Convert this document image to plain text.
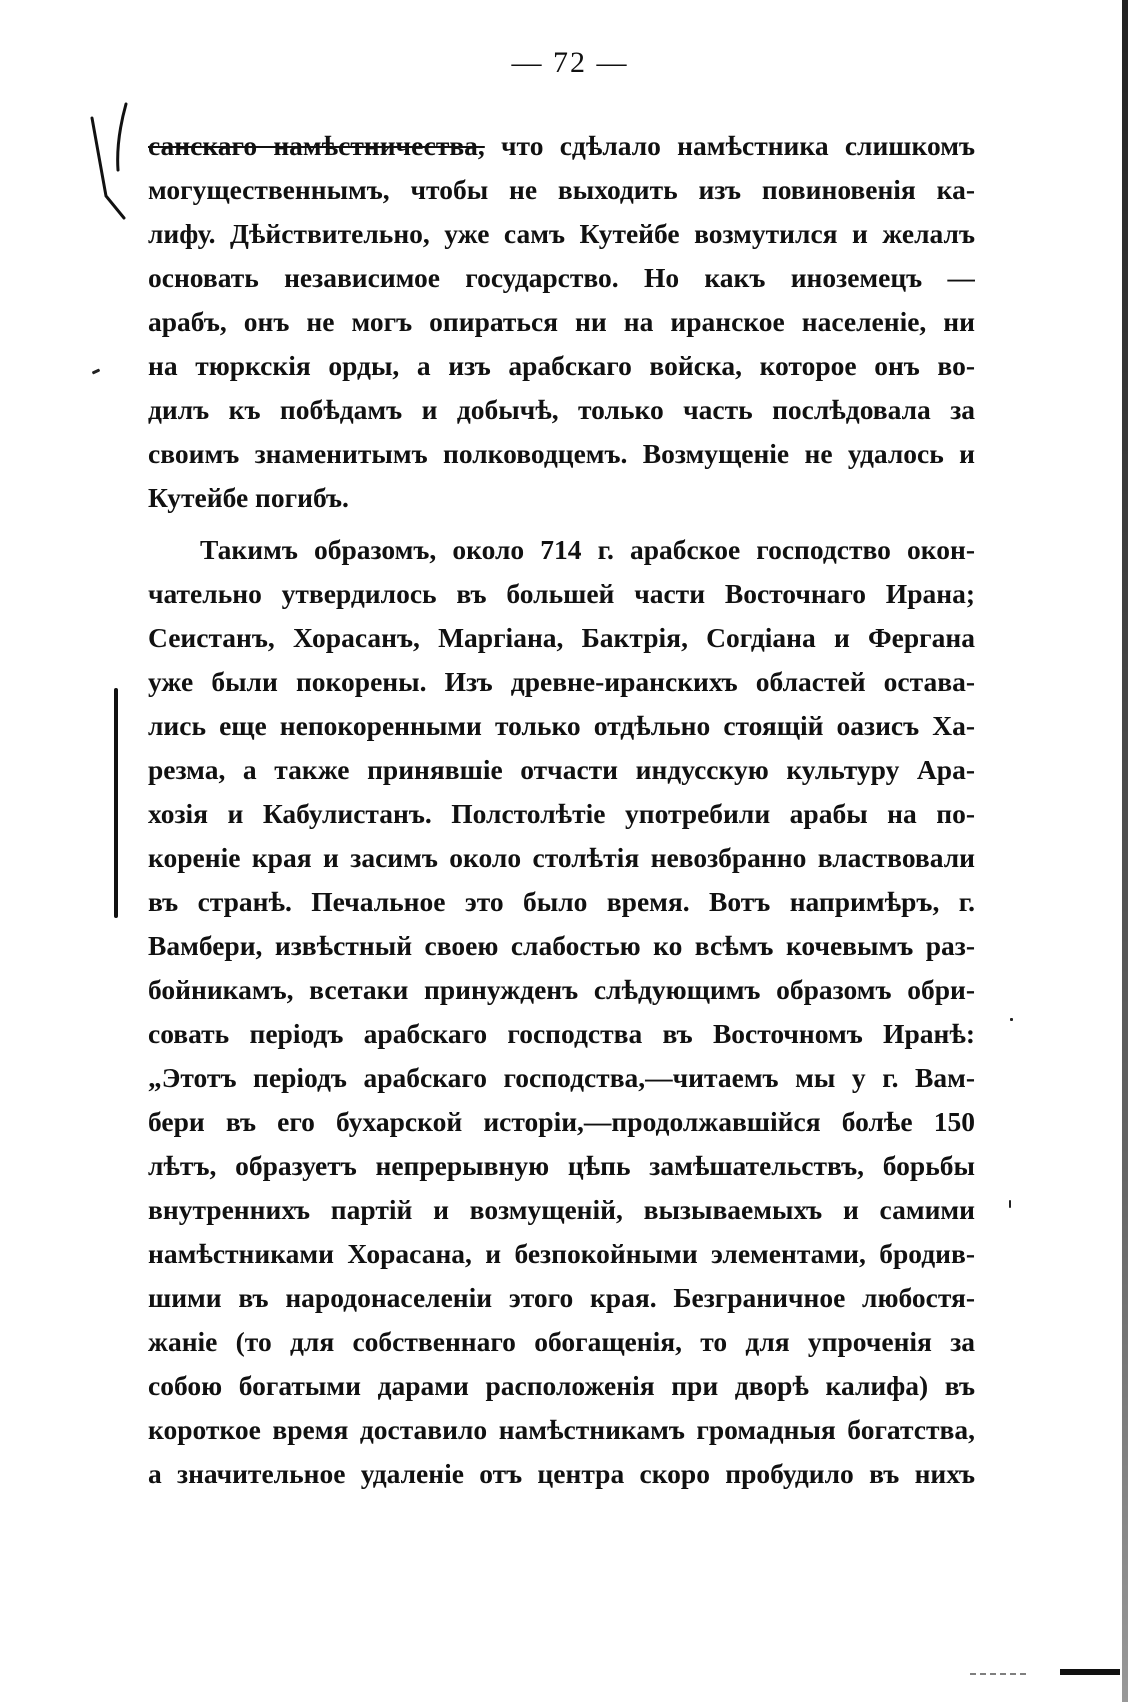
— 72 —
санскаго намѣстничества, что сдѣлало намѣстника слишкомъ
могущественнымъ, чтобы не выходить изъ повиновенія ка-
лифу. Дѣйствительно, уже самъ Кутейбе возмутился и желалъ
основать независимое государство. Но какъ иноземецъ —
арабъ, онъ не могъ опираться ни на иранское населеніе, ни
на тюркскія орды, а изъ арабскаго войска, которое онъ во-
дилъ къ побѣдамъ и добычѣ, только часть послѣдовала за
своимъ знаменитымъ полководцемъ. Возмущеніе не удалось и
Кутейбе погибъ.
Такимъ образомъ, около 714 г. арабское господство окон-
чательно утвердилось въ большей части Восточнаго Ирана;
Сеистанъ, Хорасанъ, Маргіана, Бактрія, Согдіана и Фергана
уже были покорены. Изъ древне-иранскихъ областей остава-
лись еще непокоренными только отдѣльно стоящій оазисъ Ха-
резма, а также принявшіе отчасти индусскую культуру Ара-
хозія и Кабулистанъ. Полстолѣтіе употребили арабы на по-
кореніе края и засимъ около столѣтія невозбранно властвовали
въ странѣ. Печальное это было время. Вотъ напримѣръ, г.
Вамбери, извѣстный своею слабостью ко всѣмъ кочевымъ раз-
бойникамъ, всетаки принужденъ слѣдующимъ образомъ обри-
совать періодъ арабскаго господства въ Восточномъ Иранѣ:
„Этотъ періодъ арабскаго господства,—читаемъ мы у г. Вам-
бери въ его бухарской исторіи,—продолжавшійся болѣе 150
лѣтъ, образуетъ непрерывную цѣпь замѣшательствъ, борьбы
внутреннихъ партій и возмущеній, вызываемыхъ и самими
намѣстниками Хорасана, и безпокойными элементами, бродив-
шими въ народонаселеніи этого края. Безграничное любостя-
жаніе (то для собственнаго обогащенія, то для упроченія за
собою богатыми дарами расположенія при дворѣ калифа) въ
короткое время доставило намѣстникамъ громадныя богатства,
а значительное удаленіе отъ центра скоро пробудило въ нихъ
